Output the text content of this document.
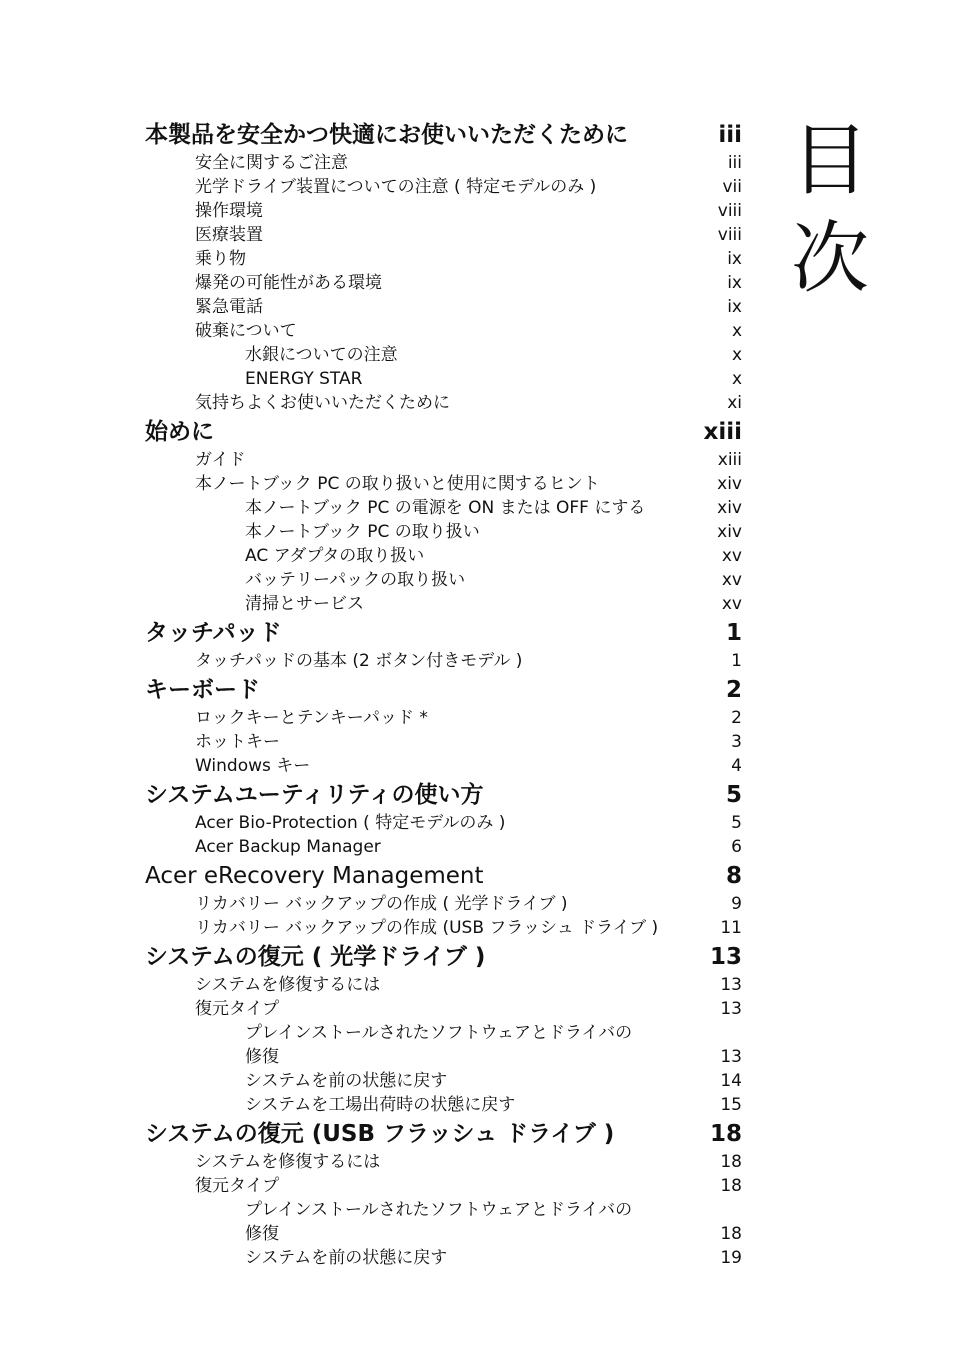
目
次
本製品を安全かつ快適にお使いいただくために	iii
安全に関するご注意	iii
光学ドライブ装置についての注意 ( 特定モデルのみ )	vii
操作環境	viii
医療装置	viii
乗り物	ix
爆発の可能性がある環境	ix
緊急電話	ix
破棄について	x
水銀についての注意	x
ENERGY STAR	x
気持ちよくお使いいただくために	xi
始めに	xiii
ガイド	xiii
本ノートブック PC の取り扱いと使用に関するヒント	xiv
本ノートブック PC の電源を ON または OFF にする	xiv
本ノートブック PC の取り扱い	xiv
AC アダプタの取り扱い	xv
バッテリーパックの取り扱い	xv
清掃とサービス	xv
タッチパッド	1
タッチパッドの基本 (2 ボタン付きモデル )	1
キーボード	2
ロックキーとテンキーパッド *	2
ホットキー	3
Windows キー	4
システムユーティリティの使い方	5
Acer Bio-Protection ( 特定モデルのみ )	5
Acer Backup Manager	6
Acer eRecovery Management	8
リカバリー バックアップの作成 ( 光学ドライブ )	9
リカバリー バックアップの作成 (USB フラッシュ ドライブ )	11
システムの復元 ( 光学ドライブ )	13
システムを修復するには	13
復元タイプ	13
プレインストールされたソフトウェアとドライバの
修復	13
システムを前の状態に戻す	14
システムを工場出荷時の状態に戻す	15
システムの復元 (USB フラッシュ ドライブ )	18
システムを修復するには	18
復元タイプ	18
プレインストールされたソフトウェアとドライバの
修復	18
システムを前の状態に戻す	19
